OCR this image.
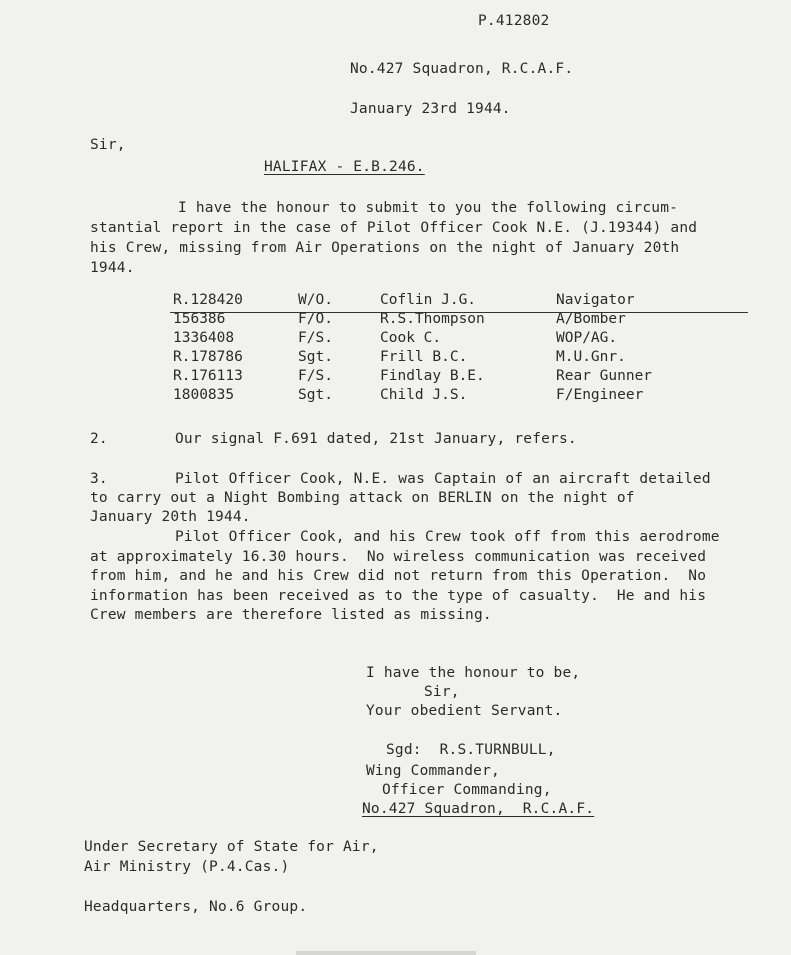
P.412802
No.427 Squadron, R.C.A.F.
January 23rd 1944.
Sir,
HALIFAX - E.B.246.
I have the honour to submit to you the following circum-
stantial report in the case of Pilot Officer Cook N.E. (J.19344) and
his Crew, missing from Air Operations on the night of January 20th
1944.
R.128420	W/O.	Coflin J.G.	Navigator
156386	F/O.	R.S.Thompson	A/Bomber
1336408	F/S.	Cook C.	WOP/AG.
R.178786	Sgt.	Frill B.C.	M.U.Gnr.
R.176113	F/S.	Findlay B.E.	Rear Gunner
1800835	Sgt.	Child J.S.	F/Engineer
2.	Our signal F.691 dated, 21st January, refers.
3.	Pilot Officer Cook, N.E. was Captain of an aircraft detailed
to carry out a Night Bombing attack on BERLIN on the night of
January 20th 1944.
Pilot Officer Cook, and his Crew took off from this aerodrome
at approximately 16.30 hours.  No wireless communication was received
from him, and he and his Crew did not return from this Operation.  No
information has been received as to the type of casualty.  He and his
Crew members are therefore listed as missing.
I have the honour to be,
Sir,
Your obedient Servant.
Sgd:  R.S.TURNBULL,
Wing Commander,
Officer Commanding,
No.427 Squadron,  R.C.A.F.
Under Secretary of State for Air,
Air Ministry (P.4.Cas.)
Headquarters, No.6 Group.
